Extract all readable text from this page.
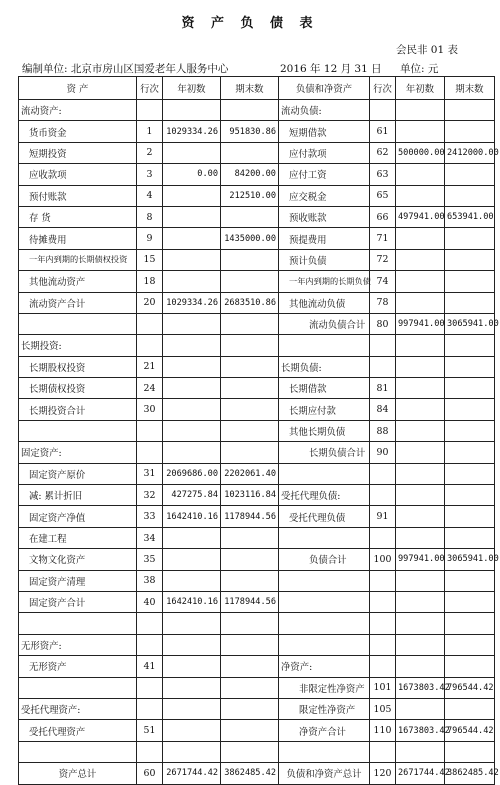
资 产 负 债 表
会民非 01 表
编制单位: 北京市房山区国爱老年人服务中心	2016 年 12 月 31 日 单位: 元
资 产	行次	年初数	期末数	负债和净资产	行次	年初数	期末数
流动资产:				流动负债:			
货币资金	1	1029334.26	951830.86	短期借款	61		
短期投资	2			应付款项	62	500000.00	2412000.00
应收款项	3	0.00	84200.00	应付工资	63		
预付账款	4		212510.00	应交税金	65		
存 货	8			预收账款	66	497941.00	653941.00
待摊费用	9		1435000.00	预提费用	71		
一年内到期的长期债权投资	15			预计负债	72		
其他流动资产	18			一年内到期的长期负债	74		
流动资产合计	20	1029334.26	2683510.86	其他流动负债	78		
				流动负债合计	80	997941.00	3065941.00
长期投资:							
长期股权投资	21			长期负债:			
长期债权投资	24			长期借款	81		
长期投资合计	30			长期应付款	84		
				其他长期负债	88		
固定资产:				长期负债合计	90		
固定资产原价	31	2069686.00	2202061.40				
减: 累计折旧	32	427275.84	1023116.84	受托代理负债:			
固定资产净值	33	1642410.16	1178944.56	受托代理负债	91		
在建工程	34						
文物文化资产	35			负债合计	100	997941.00	3065941.00
固定资产清理	38						
固定资产合计	40	1642410.16	1178944.56				

无形资产:							
无形资产	41			净资产:			
				非限定性净资产	101	1673803.42	796544.42
受托代理资产:				限定性净资产	105		
受托代理资产	51			净资产合计	110	1673803.42	796544.42

资产总计	60	2671744.42	3862485.42	负债和净资产总计	120	2671744.42	3862485.42
